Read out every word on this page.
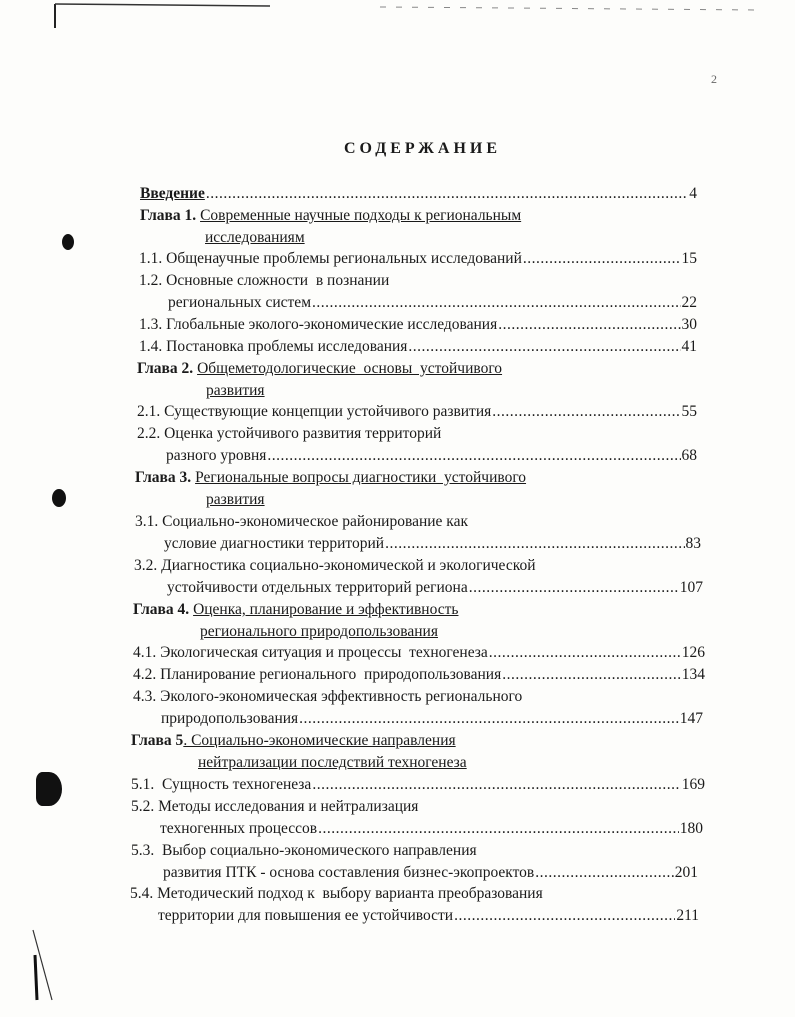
2
СОДЕРЖАНИЕ
Введение .....	4
Глава 1. Современные научные подходы к региональным
исследованиям
1.1. Общенаучные проблемы региональных исследований .....	15
1.2. Основные сложности  в познании
региональных систем .....	22
1.3. Глобальные эколого-экономические исследования .....	30
1.4. Постановка проблемы исследования .....	41
Глава 2. Общеметодологические  основы  устойчивого
развития
2.1. Существующие концепции устойчивого развития .....	55
2.2. Оценка устойчивого развития территорий
разного уровня .....	68
Глава 3. Региональные вопросы диагностики  устойчивого
развития
3.1. Социально-экономическое районирование как
условие диагностики территорий .....	83
3.2. Диагностика социально-экономической и экологической
устойчивости отдельных территорий региона .....	107
Глава 4. Оценка, планирование и эффективность
регионального природопользования
4.1. Экологическая ситуация и процессы  техногенеза .....	126
4.2. Планирование регионального  природопользования .....	134
4.3. Эколого-экономическая эффективность регионального
природопользования .....	147
Глава 5. Социально-экономические направления
нейтрализации последствий техногенеза
5.1.  Сущность техногенеза .....	169
5.2. Методы исследования и нейтрализация
техногенных процессов .....	180
5.3.  Выбор социально-экономического направления
развития ПТК - основа составления бизнес-экопроектов .....	201
5.4. Методический подход к  выбору варианта преобразования
территории для повышения ее устойчивости .....	211
